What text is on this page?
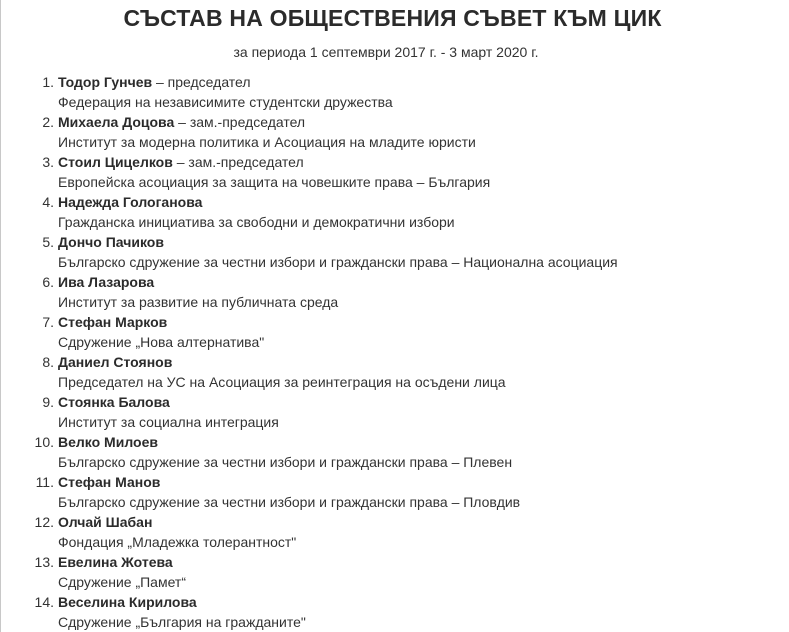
СЪСТАВ НА ОБЩЕСТВЕНИЯ СЪВЕТ КЪМ ЦИК
за периода 1 септември 2017 г. - 3 март 2020 г.
1. Тодор Гунчев – председател
Федерация на независимите студентски дружества
2. Михаела Доцова – зам.-председател
Институт за модерна политика и Асоциация на младите юристи
3. Стоил Цицелков – зам.-председател
Европейска асоциация за защита на човешките права – България
4. Надежда Гологанова
Гражданска инициатива за свободни и демократични избори
5. Дончо Пачиков
Българско сдружение за честни избори и граждански права – Национална асоциация
6. Ива Лазарова
Институт за развитие на публичната среда
7. Стефан Марков
Сдружение „Нова алтернатива"
8. Даниел Стоянов
Председател на УС на Асоциация за реинтеграция на осъдени лица
9. Стоянка Балова
Институт за социална интеграция
10. Велко Милоев
Българско сдружение за честни избори и граждански права – Плевен
11. Стефан Манов
Българско сдружение за честни избори и граждански права – Пловдив
12. Олчай Шабан
Фондация „Младежка толерантност"
13. Евелина Жотева
Сдружение „Памет“
14. Веселина Кирилова
Сдружение „България на гражданите"
